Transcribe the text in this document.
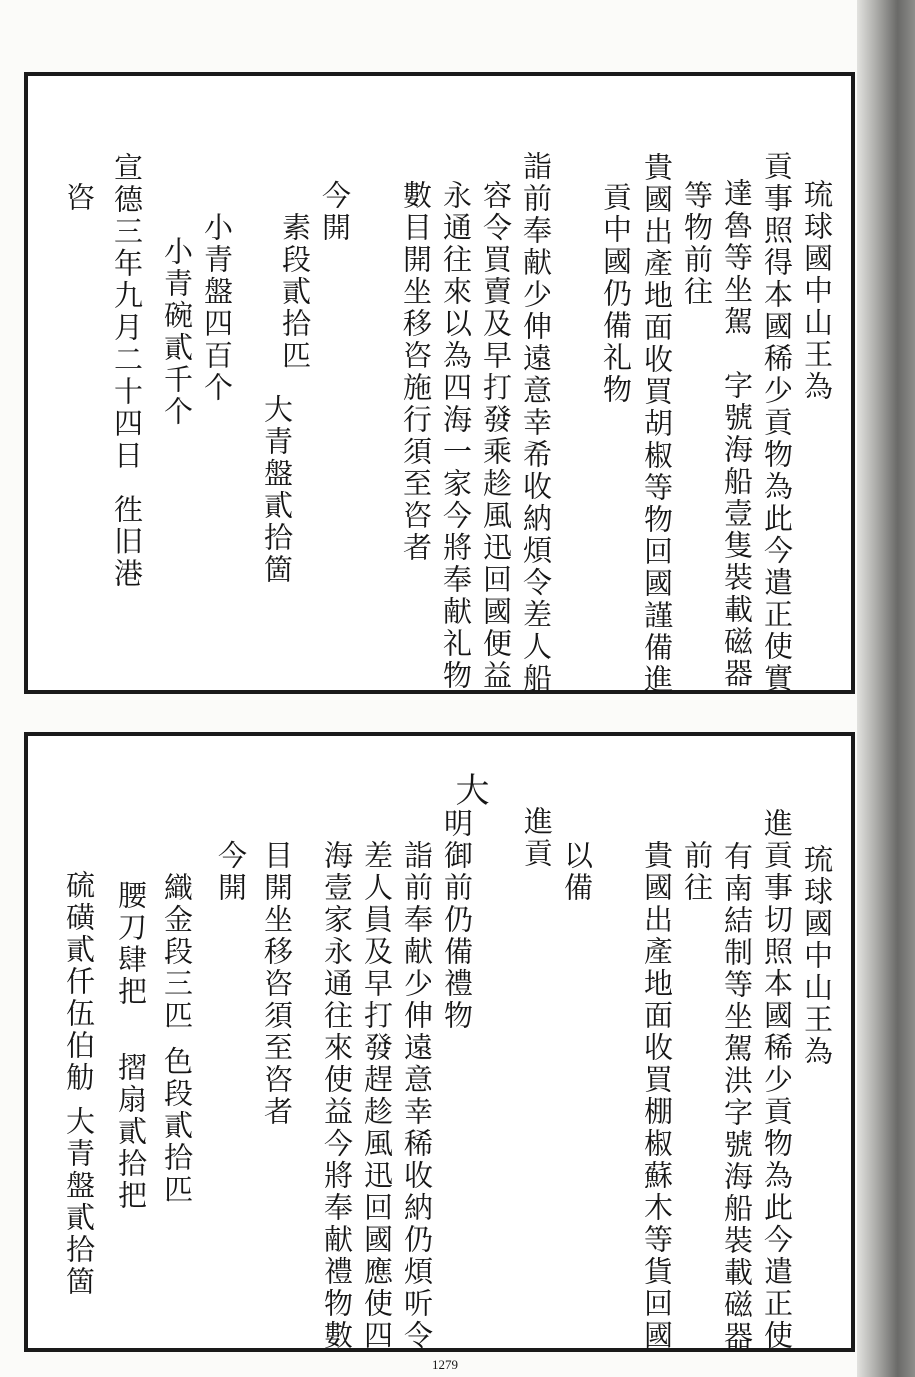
琉球國中山王為
貢事照得本國稀少貢物為此今遣正使實
達魯等坐駕　字號海船壹隻裝載磁器
等物前往
貴國出產地面收買胡椒等物回國謹備進
貢中國仍備礼物
詣前奉献少伸遠意幸希收納煩令差人船
容令買賣及早打發乘趁風迅回國便益
永通往來以為四海一家今將奉献礼物
數目開坐移咨施行須至咨者
今開
素段貳拾匹
大青盤貳拾箇
小青盤四百个
小青碗貳千个
宣德三年九月二十四日
徃旧港
咨
琉球國中山王為
進貢事切照本國稀少貢物為此今遣正使
有南結制等坐駕洪字號海船裝載磁器
前往
貴國出產地面收買棚椒蘇木等貨回國
以備
進貢
大
明御前仍備禮物
詣前奉献少伸遠意幸稀收納仍煩听令
差人員及早打發趕趁風迅回國應使四
海壹家永通往來使益今將奉献禮物數
目開坐移咨須至咨者
今開
織金段三匹
色段貳拾匹
腰刀肆把
摺扇貳拾把
硫磺貳仟伍伯觔
大青盤貳拾箇
1279
